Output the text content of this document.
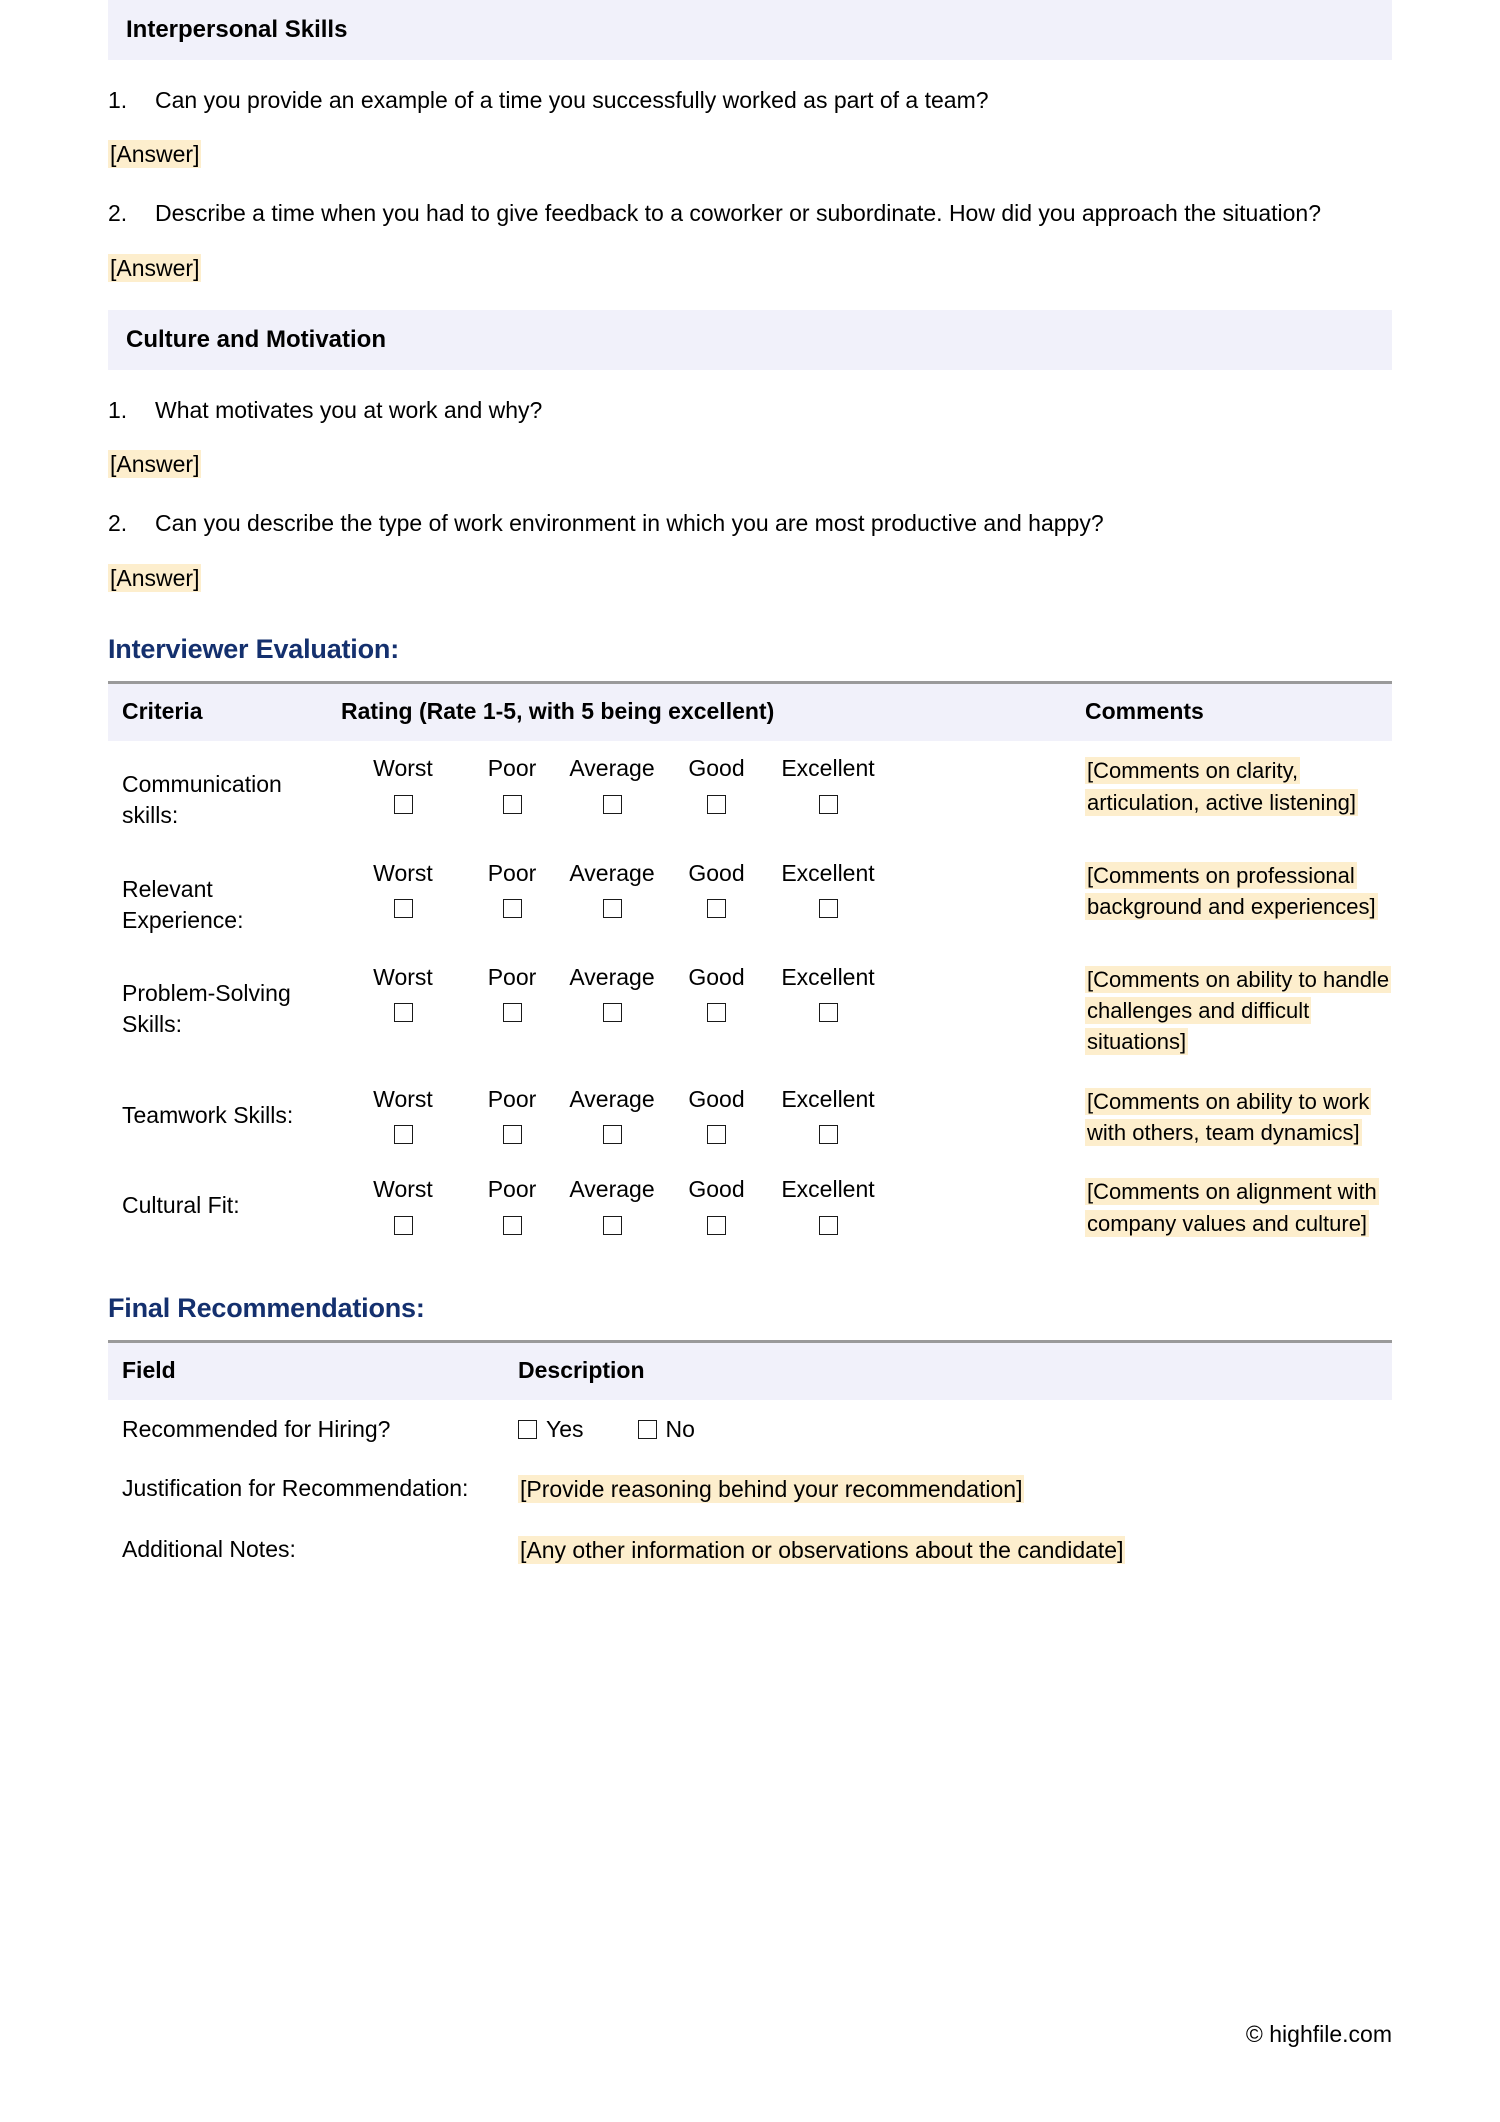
Interpersonal Skills
1.	Can you provide an example of a time you successfully worked as part of a team?
[Answer]
2.	Describe a time when you had to give feedback to a coworker or subordinate. How did you approach the situation?
[Answer]
Culture and Motivation
1.	What motivates you at work and why?
[Answer]
2.	Can you describe the type of work environment in which you are most productive and happy?
[Answer]
Interviewer Evaluation:
Criteria	Rating (Rate 1-5, with 5 being excellent)	Comments

Communication skills:	Worst Poor Average Good Excellent	[Comments on clarity, articulation, active listening]

Relevant Experience:	Worst Poor Average Good Excellent	[Comments on professional background and experiences]

Problem-Solving Skills:	Worst Poor Average Good Excellent	[Comments on ability to handle challenges and difficult situations]

Teamwork Skills:	Worst Poor Average Good Excellent	[Comments on ability to work with others, team dynamics]

Cultural Fit:	Worst Poor Average Good Excellent	[Comments on alignment with company values and culture]
Final Recommendations:
Field	Description
Recommended for Hiring?	Yes No

Justification for Recommendation:	[Provide reasoning behind your recommendation]
Additional Notes:	[Any other information or observations about the candidate]
© highfile.com
